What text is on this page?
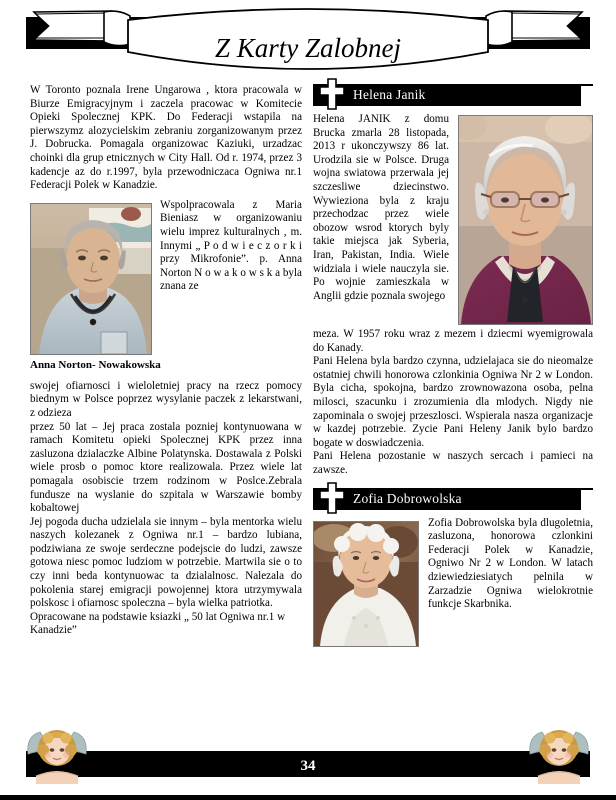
Z Karty Zalobnej

W Toronto poznala Irene Ungarowa , ktora pracowala w Biurze Emigracyjnym i zaczela pracowac w Komitecie Opieki Spolecznej KPK. Do Federacji wstapila na pierwszymz alozycielskim zebraniu zorganizowanym przez J. Dobrucka. Pomagala organizowac Kaziuki, urzadzac choinki dla grup etnicznych w City Hall. Od r. 1974, przez 3 kadencje az do r.1997, byla przewodniczaca Ogniwa nr.1 Federacji Polek w Kanadzie.

Wspolpracowala z Maria Bieniasz w organizowaniu wielu imprez kulturalnych , m. Innymi „ P o d w i e c z o r k i przy Mikrofonie”. p. Anna Norton N o w a k o w s k a byla znana ze

Anna Norton- Nowakowska

swojej ofiarnosci i wieloletniej pracy na rzecz pomocy biednym w Polsce poprzez wysylanie paczek z lekarstwani, z odzieza

przez 50 lat – Jej praca zostala pozniej kontynuowana w ramach Komitetu opieki Spolecznej KPK przez inna zasluzona dzialaczke Albine Polatynska. Dostawala z Polski wiele prosb o pomoc ktore realizowala. Przez wiele lat pomagala osobiscie trzem rodzinom w Poslce.Zebrala fundusze na wyslanie do szpitala w Warszawie bomby kobaltowej

Jej pogoda ducha udzielala sie innym – byla mentorka wielu naszych kolezanek z Ogniwa nr.1 – bardzo lubiana, podziwiana ze swoje serdeczne podejscie do ludzi, zawsze gotowa niesc pomoc ludziom w potrzebie. Martwila sie o to czy inni beda kontynuowac ta dzialalnosc. Nalezala do pokolenia starej emigracji powojennej ktora utrzymywala polskosc i ofiarnosc spoleczna – byla wielka patriotka.

Opracowane na podstawie ksiazki „ 50 lat Ogniwa nr.1 w Kanadzie”

Helena Janik

Helena JANIK z domu Brucka zmarla 28 listopada, 2013 r ukonczywszy 86 lat. Urodzila sie w Polsce. Druga wojna swiatowa przerwala jej szczesliwe dziecinstwo. Wywieziona byla z kraju przechodzac przez wiele obozow wsrod ktorych byly takie miejsca jak Syberia, Iran, Pakistan, India. Wiele widziala i wiele nauczyla sie. Po wojnie zamieszkala w Anglii gdzie poznala swojego

meza. W 1957 roku wraz z mezem i dziecmi wyemigrowala do Kanady.

Pani Helena byla bardzo czynna, udzielajaca sie do nieomalze ostatniej chwili honorowa czlonkinia Ogniwa Nr 2 w London. Byla cicha, spokojna, bardzo zrownowazona osoba, pelna milosci, szacunku i zrozumienia dla mlodych. Nigdy nie zapominala o swojej przeszlosci. Wspierala nasza organizacje w kazdej potrzebie. Zycie Pani Heleny Janik bylo bardzo bogate w doswiadczenia.

Pani Helena pozostanie w naszych sercach i pamieci na zawsze.

Zofia Dobrowolska

Zofia Dobrowolska byla dlugoletnia, zasluzona, honorowa czlonkini Federacji Polek w Kanadzie, Ogniwo Nr 2 w London. W latach dziewiedziesiatych pelnila w Zarzadzie Ogniwa wielokrotnie funkcje Skarbnika.

34
